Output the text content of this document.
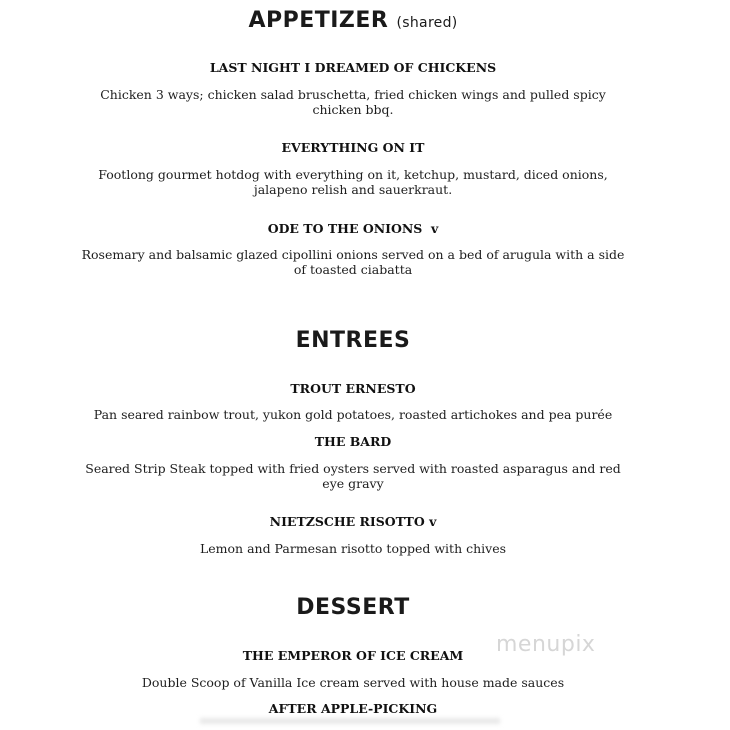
APPETIZER (shared)
LAST NIGHT I DREAMED OF CHICKENS
Chicken 3 ways; chicken salad bruschetta, fried chicken wings and pulled spicy chicken bbq.
EVERYTHING ON IT
Footlong gourmet hotdog with everything on it, ketchup, mustard, diced onions, jalapeno relish and sauerkraut.
ODE TO THE ONIONS  v
Rosemary and balsamic glazed cipollini onions served on a bed of arugula with a side of toasted ciabatta
ENTREES
TROUT ERNESTO
Pan seared rainbow trout, yukon gold potatoes, roasted artichokes and pea purée
THE BARD
Seared Strip Steak topped with fried oysters served with roasted asparagus and red eye gravy
NIETZSCHE RISOTTO v
Lemon and Parmesan risotto topped with chives
DESSERT
THE EMPEROR OF ICE CREAM
Double Scoop of Vanilla Ice cream served with house made sauces
AFTER APPLE-PICKING
menupix
